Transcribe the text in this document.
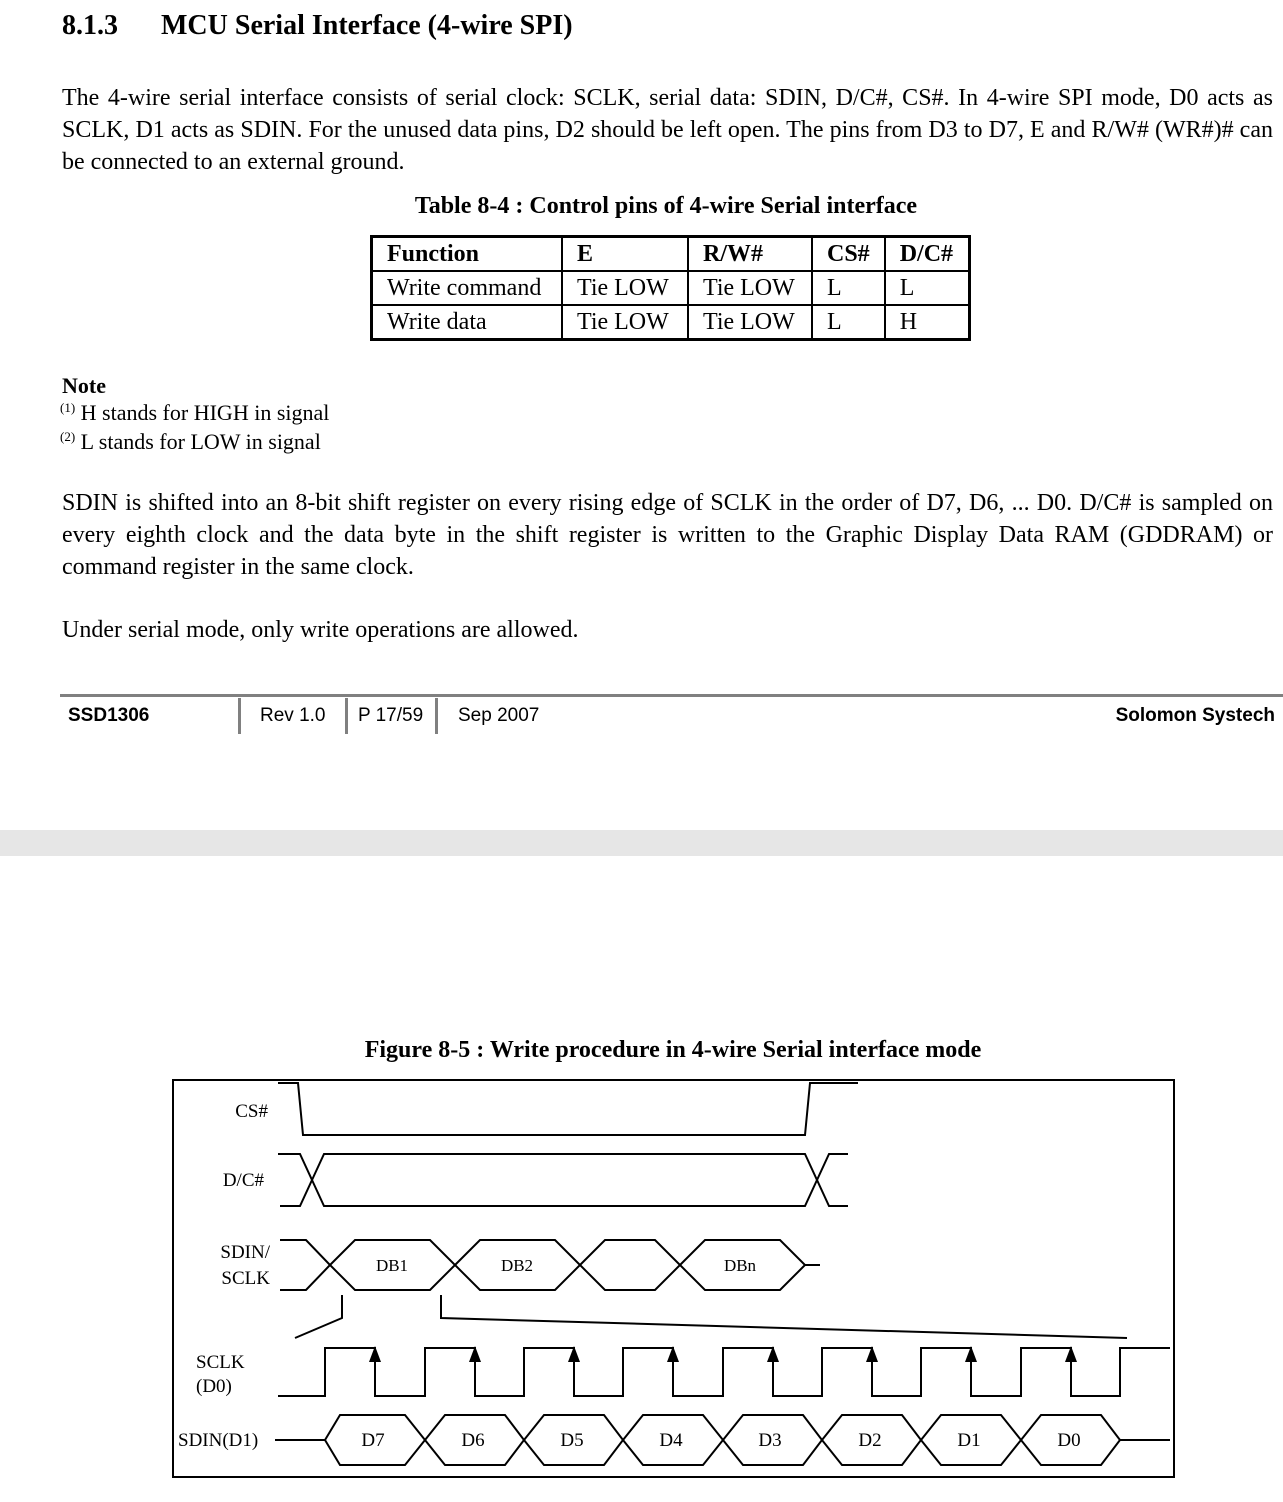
8.1.3 MCU Serial Interface (4-wire SPI)
The 4-wire serial interface consists of serial clock: SCLK, serial data: SDIN, D/C#, CS#. In 4-wire SPI mode, D0 acts as SCLK, D1 acts as SDIN. For the unused data pins, D2 should be left open. The pins from D3 to D7, E and R/W# (WR#)# can be connected to an external ground.
Table 8-4 : Control pins of 4-wire Serial interface
Function	E	R/W#	CS#	D/C#
Write command	Tie LOW	Tie LOW	L	L
Write data	Tie LOW	Tie LOW	L	H
Note
$^{(1)}$ H stands for HIGH in signal
$^{(2)}$ L stands for LOW in signal
SDIN is shifted into an 8-bit shift register on every rising edge of SCLK in the order of D7, D6, ... D0. D/C# is sampled on every eighth clock and the data byte in the shift register is written to the Graphic Display Data RAM (GDDRAM) or command register in the same clock.
Under serial mode, only write operations are allowed.
SSD1306	Rev 1.0 P 17/59 Sep 2007	Solomon Systech
Figure 8-5 : Write procedure in 4-wire Serial interface mode
CS#
D/C#
SDIN/
SCLK
SCLK
(D0)
SDIN(D1)
DB1	DB2	DBn
D7	D6	D5	D4	D3	D2	D1	D0
